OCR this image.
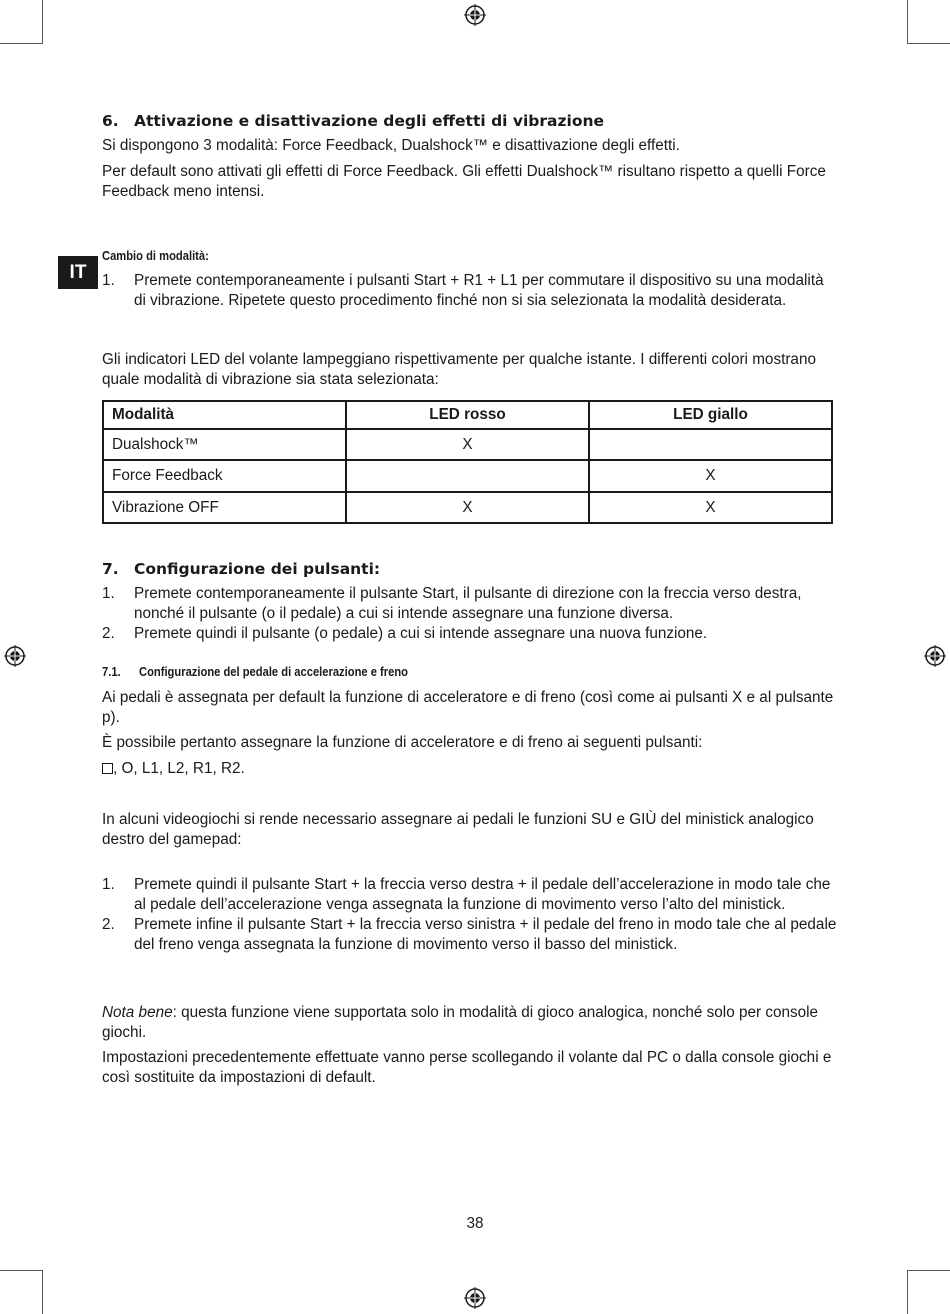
IT
6. Attivazione e disattivazione degli effetti di vibrazione

Si dispongono 3 modalità: Force Feedback, Dualshock™ e disattivazione degli effetti.

Per default sono attivati gli effetti di Force Feedback. Gli effetti Dualshock™ risultano rispetto a quelli Force Feedback meno intensi.

Cambio di modalità:
1.	Premete contemporaneamente i pulsanti Start + R1 + L1 per commutare il dispositivo su una modalità di vibrazione. Ripetete questo procedimento finché non si sia selezionata la modalità desiderata.

Gli indicatori LED del volante lampeggiano rispettivamente per qualche istante. I differenti colori mostrano quale modalità di vibrazione sia stata selezionata:

Modalità	LED rosso	LED giallo
Dualshock™	X	
Force Feedback		X
Vibrazione OFF	X	X
7. Configurazione dei pulsanti:
1.	Premete contemporaneamente il pulsante Start, il pulsante di direzione con la freccia verso destra, nonché il pulsante (o il pedale) a cui si intende assegnare una funzione diversa.
2.	Premete quindi il pulsante (o pedale) a cui si intende assegnare una nuova funzione.
7.1. Configurazione del pedale di accelerazione e freno

Ai pedali è assegnata per default la funzione di acceleratore e di freno (così come ai pulsanti X e al pulsante p).

È possibile pertanto assegnare la funzione di acceleratore e di freno ai seguenti pulsanti:

, O, L1, L2, R1, R2.

In alcuni videogiochi si rende necessario assegnare ai pedali le funzioni SU e GIÙ del ministick analogico destro del gamepad:

1.	Premete quindi il pulsante Start + la freccia verso destra + il pedale dell’accelerazione in modo tale che al pedale dell’accelerazione venga assegnata la funzione di movimento verso l’alto del ministick.
2.	Premete infine il pulsante Start + la freccia verso sinistra + il pedale del freno in modo tale che al pedale del freno venga assegnata la funzione di movimento verso il basso del ministick.

Nota bene: questa funzione viene supportata solo in modalità di gioco analogica, nonché solo per console giochi.

Impostazioni precedentemente effettuate vanno perse scollegando il volante dal PC o dalla console giochi e così sostituite da impostazioni di default.

38
